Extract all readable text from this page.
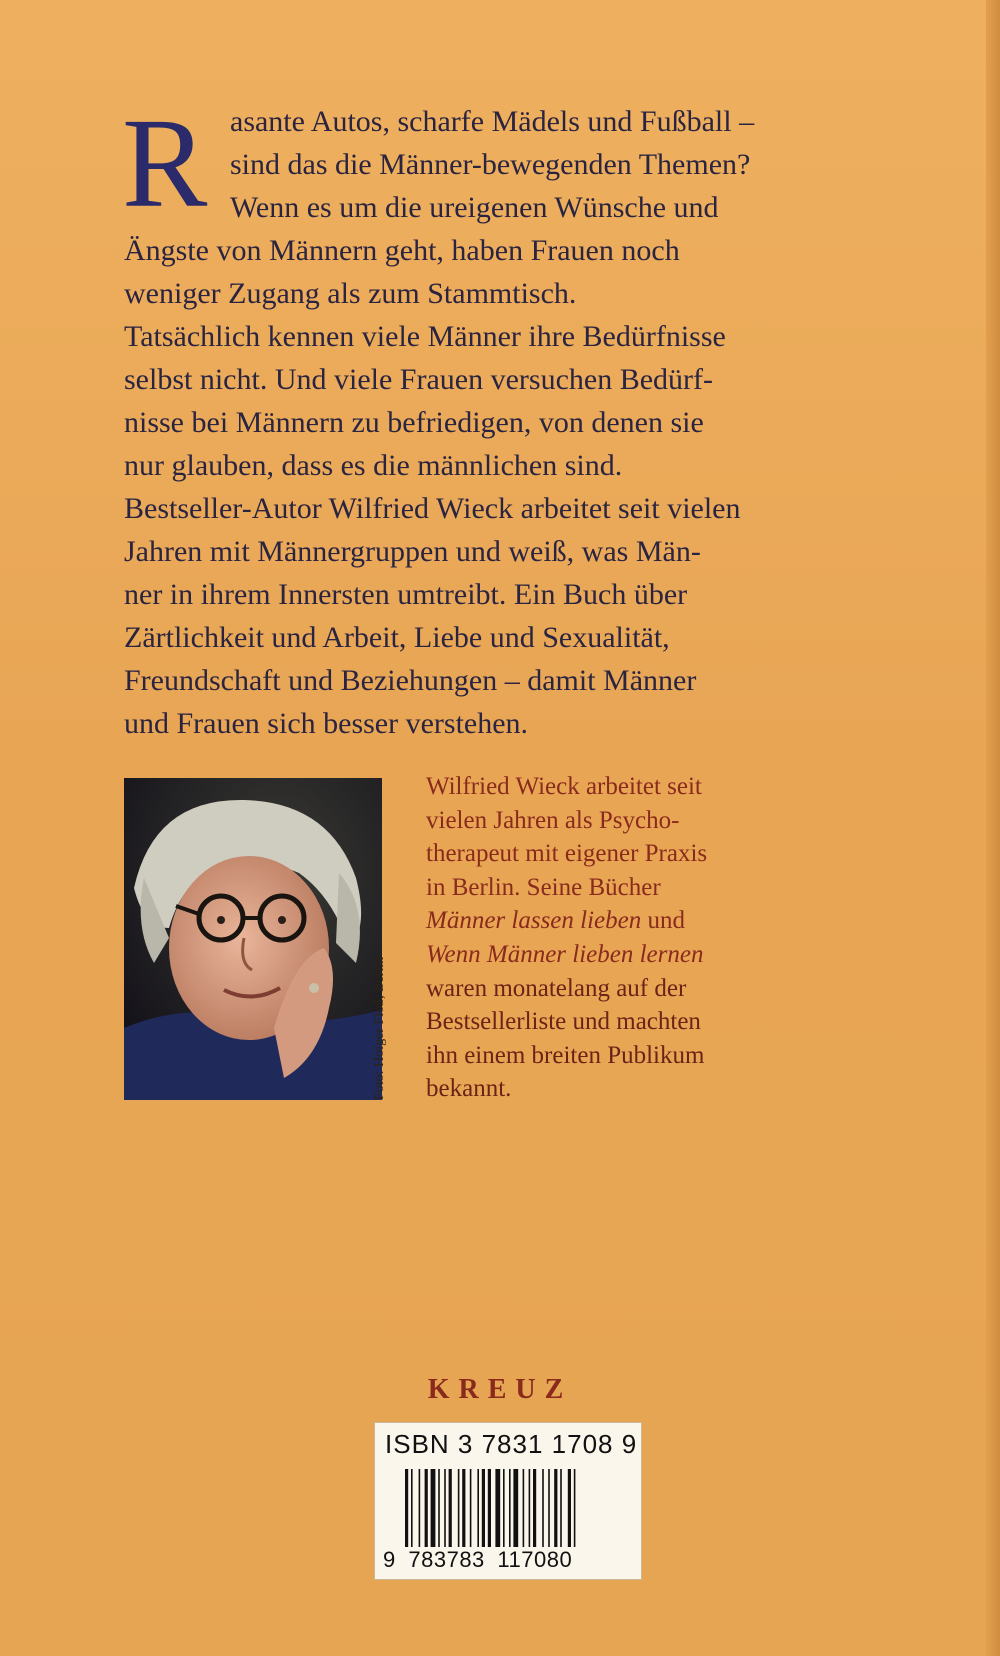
R asante Autos, scharfe Mädels und Fußball –
sind das die Männer-bewegenden Themen?
Wenn es um die ureigenen Wünsche und
Ängste von Männern geht, haben Frauen noch
weniger Zugang als zum Stammtisch.
Tatsächlich kennen viele Männer ihre Bedürfnisse
selbst nicht. Und viele Frauen versuchen Bedürf-
nisse bei Männern zu befriedigen, von denen sie
nur glauben, dass es die männlichen sind.
Bestseller-Autor Wilfried Wieck arbeitet seit vielen
Jahren mit Männergruppen und weiß, was Män-
ner in ihrem Innersten umtreibt. Ein Buch über
Zärtlichkeit und Arbeit, Liebe und Sexualität,
Freundschaft und Beziehungen – damit Männer
und Frauen sich besser verstehen.
Foto: Holger Floß, Berlin
Wilfried Wieck arbeitet seit
vielen Jahren als Psycho-
therapeut mit eigener Praxis
in Berlin. Seine Bücher
Männer lassen lieben und
Wenn Männer lieben lernen
waren monatelang auf der
Bestsellerliste und machten
ihn einem breiten Publikum
bekannt.
KREUZ
ISBN 3 7831 1708 9
9 783783 117080
